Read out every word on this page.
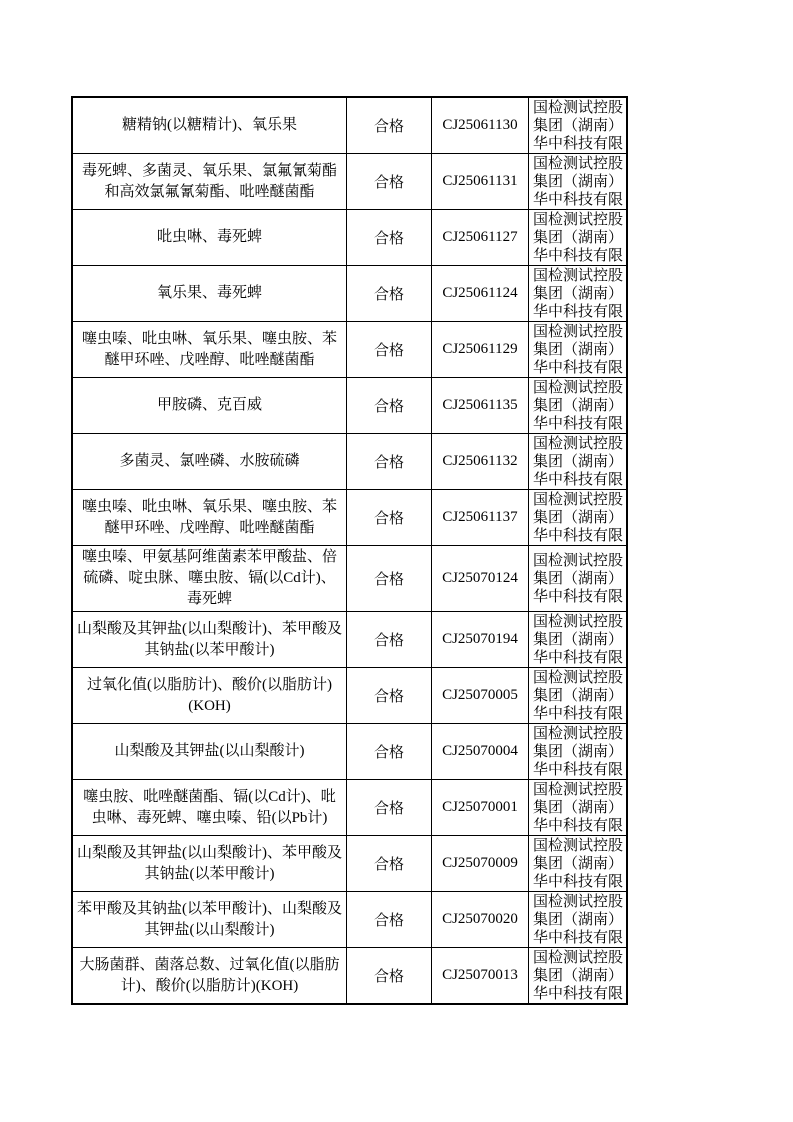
糖精钠(以糖精计)、氧乐果	合格	CJ25061130	国检测试控股
集团（湖南）
华中科技有限

毒死蜱、多菌灵、氧乐果、氯氟氰菊酯和高效氯氟氰菊酯、吡唑醚菌酯	合格	CJ25061131	国检测试控股
集团（湖南）
华中科技有限

吡虫啉、毒死蜱	合格	CJ25061127	国检测试控股
集团（湖南）
华中科技有限

氧乐果、毒死蜱	合格	CJ25061124	国检测试控股
集团（湖南）
华中科技有限

噻虫嗪、吡虫啉、氧乐果、噻虫胺、苯醚甲环唑、戊唑醇、吡唑醚菌酯	合格	CJ25061129	国检测试控股
集团（湖南）
华中科技有限

甲胺磷、克百威	合格	CJ25061135	国检测试控股
集团（湖南）
华中科技有限

多菌灵、氯唑磷、水胺硫磷	合格	CJ25061132	国检测试控股
集团（湖南）
华中科技有限

噻虫嗪、吡虫啉、氧乐果、噻虫胺、苯醚甲环唑、戊唑醇、吡唑醚菌酯	合格	CJ25061137	国检测试控股
集团（湖南）
华中科技有限

噻虫嗪、甲氨基阿维菌素苯甲酸盐、倍硫磷、啶虫脒、噻虫胺、镉(以Cd计)、毒死蜱	合格	CJ25070124	国检测试控股
集团（湖南）
华中科技有限

山梨酸及其钾盐(以山梨酸计)、苯甲酸及其钠盐(以苯甲酸计)	合格	CJ25070194	国检测试控股
集团（湖南）
华中科技有限

过氧化值(以脂肪计)、酸价(以脂肪计)(KOH)	合格	CJ25070005	国检测试控股
集团（湖南）
华中科技有限

山梨酸及其钾盐(以山梨酸计)	合格	CJ25070004	国检测试控股
集团（湖南）
华中科技有限

噻虫胺、吡唑醚菌酯、镉(以Cd计)、吡虫啉、毒死蜱、噻虫嗪、铅(以Pb计)	合格	CJ25070001	国检测试控股
集团（湖南）
华中科技有限

山梨酸及其钾盐(以山梨酸计)、苯甲酸及其钠盐(以苯甲酸计)	合格	CJ25070009	国检测试控股
集团（湖南）
华中科技有限

苯甲酸及其钠盐(以苯甲酸计)、山梨酸及其钾盐(以山梨酸计)	合格	CJ25070020	国检测试控股
集团（湖南）
华中科技有限

大肠菌群、菌落总数、过氧化值(以脂肪计)、酸价(以脂肪计)(KOH)	合格	CJ25070013	国检测试控股
集团（湖南）
华中科技有限
